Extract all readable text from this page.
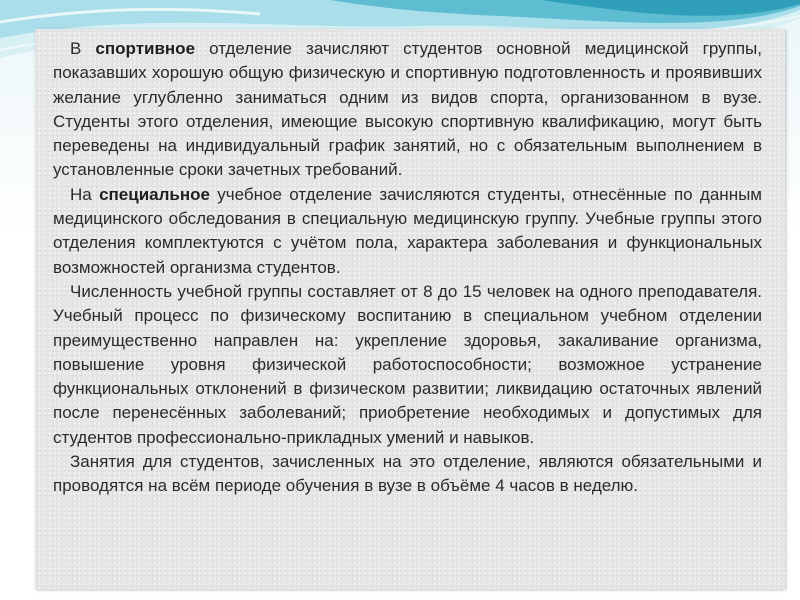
В спортивное отделение зачисляют студентов основной медицинской группы, показавших хорошую общую физическую и спортивную подготовленность и проявивших желание углубленно заниматься одним из видов спорта, организованном в вузе. Студенты этого отделения, имеющие высокую спортивную квалификацию, могут быть переведены на индивидуальный график занятий, но с обязательным выполнением в установленные сроки зачетных требований.

На специальное учебное отделение зачисляются студенты, отнесённые по данным медицинского обследования в специальную медицинскую группу. Учебные группы этого отделения комплектуются с учётом пола, характера заболевания и функциональных возможностей организма студентов.

Численность учебной группы составляет от 8 до 15 человек на одного преподавателя. Учебный процесс по физическому воспитанию в специальном учебном отделении преимущественно направлен на: укрепление здоровья, закаливание организма, повышение уровня физической работоспособности; возможное устранение функциональных отклонений в физическом развитии; ликвидацию остаточных явлений после перенесённых заболеваний; приобретение необходимых и допустимых для студентов профессионально-прикладных умений и навыков.

Занятия для студентов, зачисленных на это отделение, являются обязательными и проводятся на всём периоде обучения в вузе в объёме 4 часов в неделю.
